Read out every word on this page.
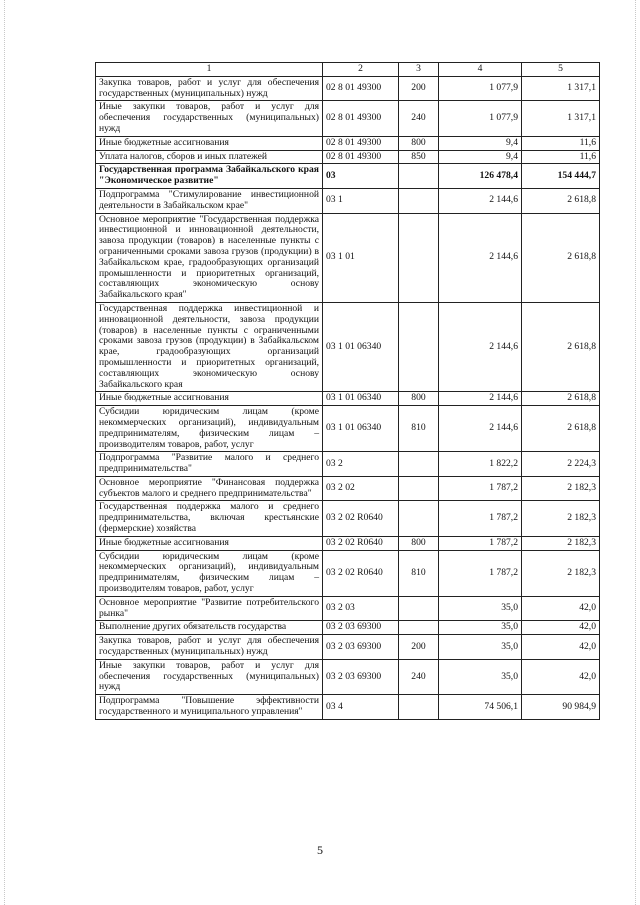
1	2	3	4	5
Закупка товаров, работ и услуг для обеспечения государственных (муниципальных) нужд	02 8 01 49300	200	1 077,9	1 317,1
Иные закупки товаров, работ и услуг для обеспечения государственных (муниципальных) нужд	02 8 01 49300	240	1 077,9	1 317,1
Иные бюджетные ассигнования	02 8 01 49300	800	9,4	11,6
Уплата налогов, сборов и иных платежей	02 8 01 49300	850	9,4	11,6
Государственная программа Забайкальского края "Экономическое развитие"	03		126 478,4	154 444,7
Подпрограмма "Стимулирование инвестиционной деятельности в Забайкальском крае"	03 1		2 144,6	2 618,8
Основное мероприятие "Государственная поддержка инвестиционной и инновационной деятельности, завоза продукции (товаров) в населенные пункты с ограниченными сроками завоза грузов (продукции) в Забайкальском крае, градообразующих организаций промышленности и приоритетных организаций, составляющих экономическую основу Забайкальского края"	03 1 01		2 144,6	2 618,8
Государственная поддержка инвестиционной и инновационной деятельности, завоза продукции (товаров) в населенные пункты с ограниченными сроками завоза грузов (продукции) в Забайкальском крае, градообразующих организаций промышленности и приоритетных организаций, составляющих экономическую основу Забайкальского края	03 1 01 06340		2 144,6	2 618,8
Иные бюджетные ассигнования	03 1 01 06340	800	2 144,6	2 618,8
Субсидии юридическим лицам (кроме некоммерческих организаций), индивидуальным предпринимателям, физическим лицам – производителям товаров, работ, услуг	03 1 01 06340	810	2 144,6	2 618,8
Подпрограмма "Развитие малого и среднего предпринимательства"	03 2		1 822,2	2 224,3
Основное мероприятие "Финансовая поддержка субъектов малого и среднего предпринимательства"	03 2 02		1 787,2	2 182,3
Государственная поддержка малого и среднего предпринимательства, включая крестьянские (фермерские) хозяйства	03 2 02 R0640		1 787,2	2 182,3
Иные бюджетные ассигнования	03 2 02 R0640	800	1 787,2	2 182,3
Субсидии юридическим лицам (кроме некоммерческих организаций), индивидуальным предпринимателям, физическим лицам – производителям товаров, работ, услуг	03 2 02 R0640	810	1 787,2	2 182,3
Основное мероприятие "Развитие потребительского рынка"	03 2 03		35,0	42,0
Выполнение других обязательств государства	03 2 03 69300		35,0	42,0
Закупка товаров, работ и услуг для обеспечения государственных (муниципальных) нужд	03 2 03 69300	200	35,0	42,0
Иные закупки товаров, работ и услуг для обеспечения государственных (муниципальных) нужд	03 2 03 69300	240	35,0	42,0
Подпрограмма "Повышение эффективности государственного и муниципального управления"	03 4		74 506,1	90 984,9
5
